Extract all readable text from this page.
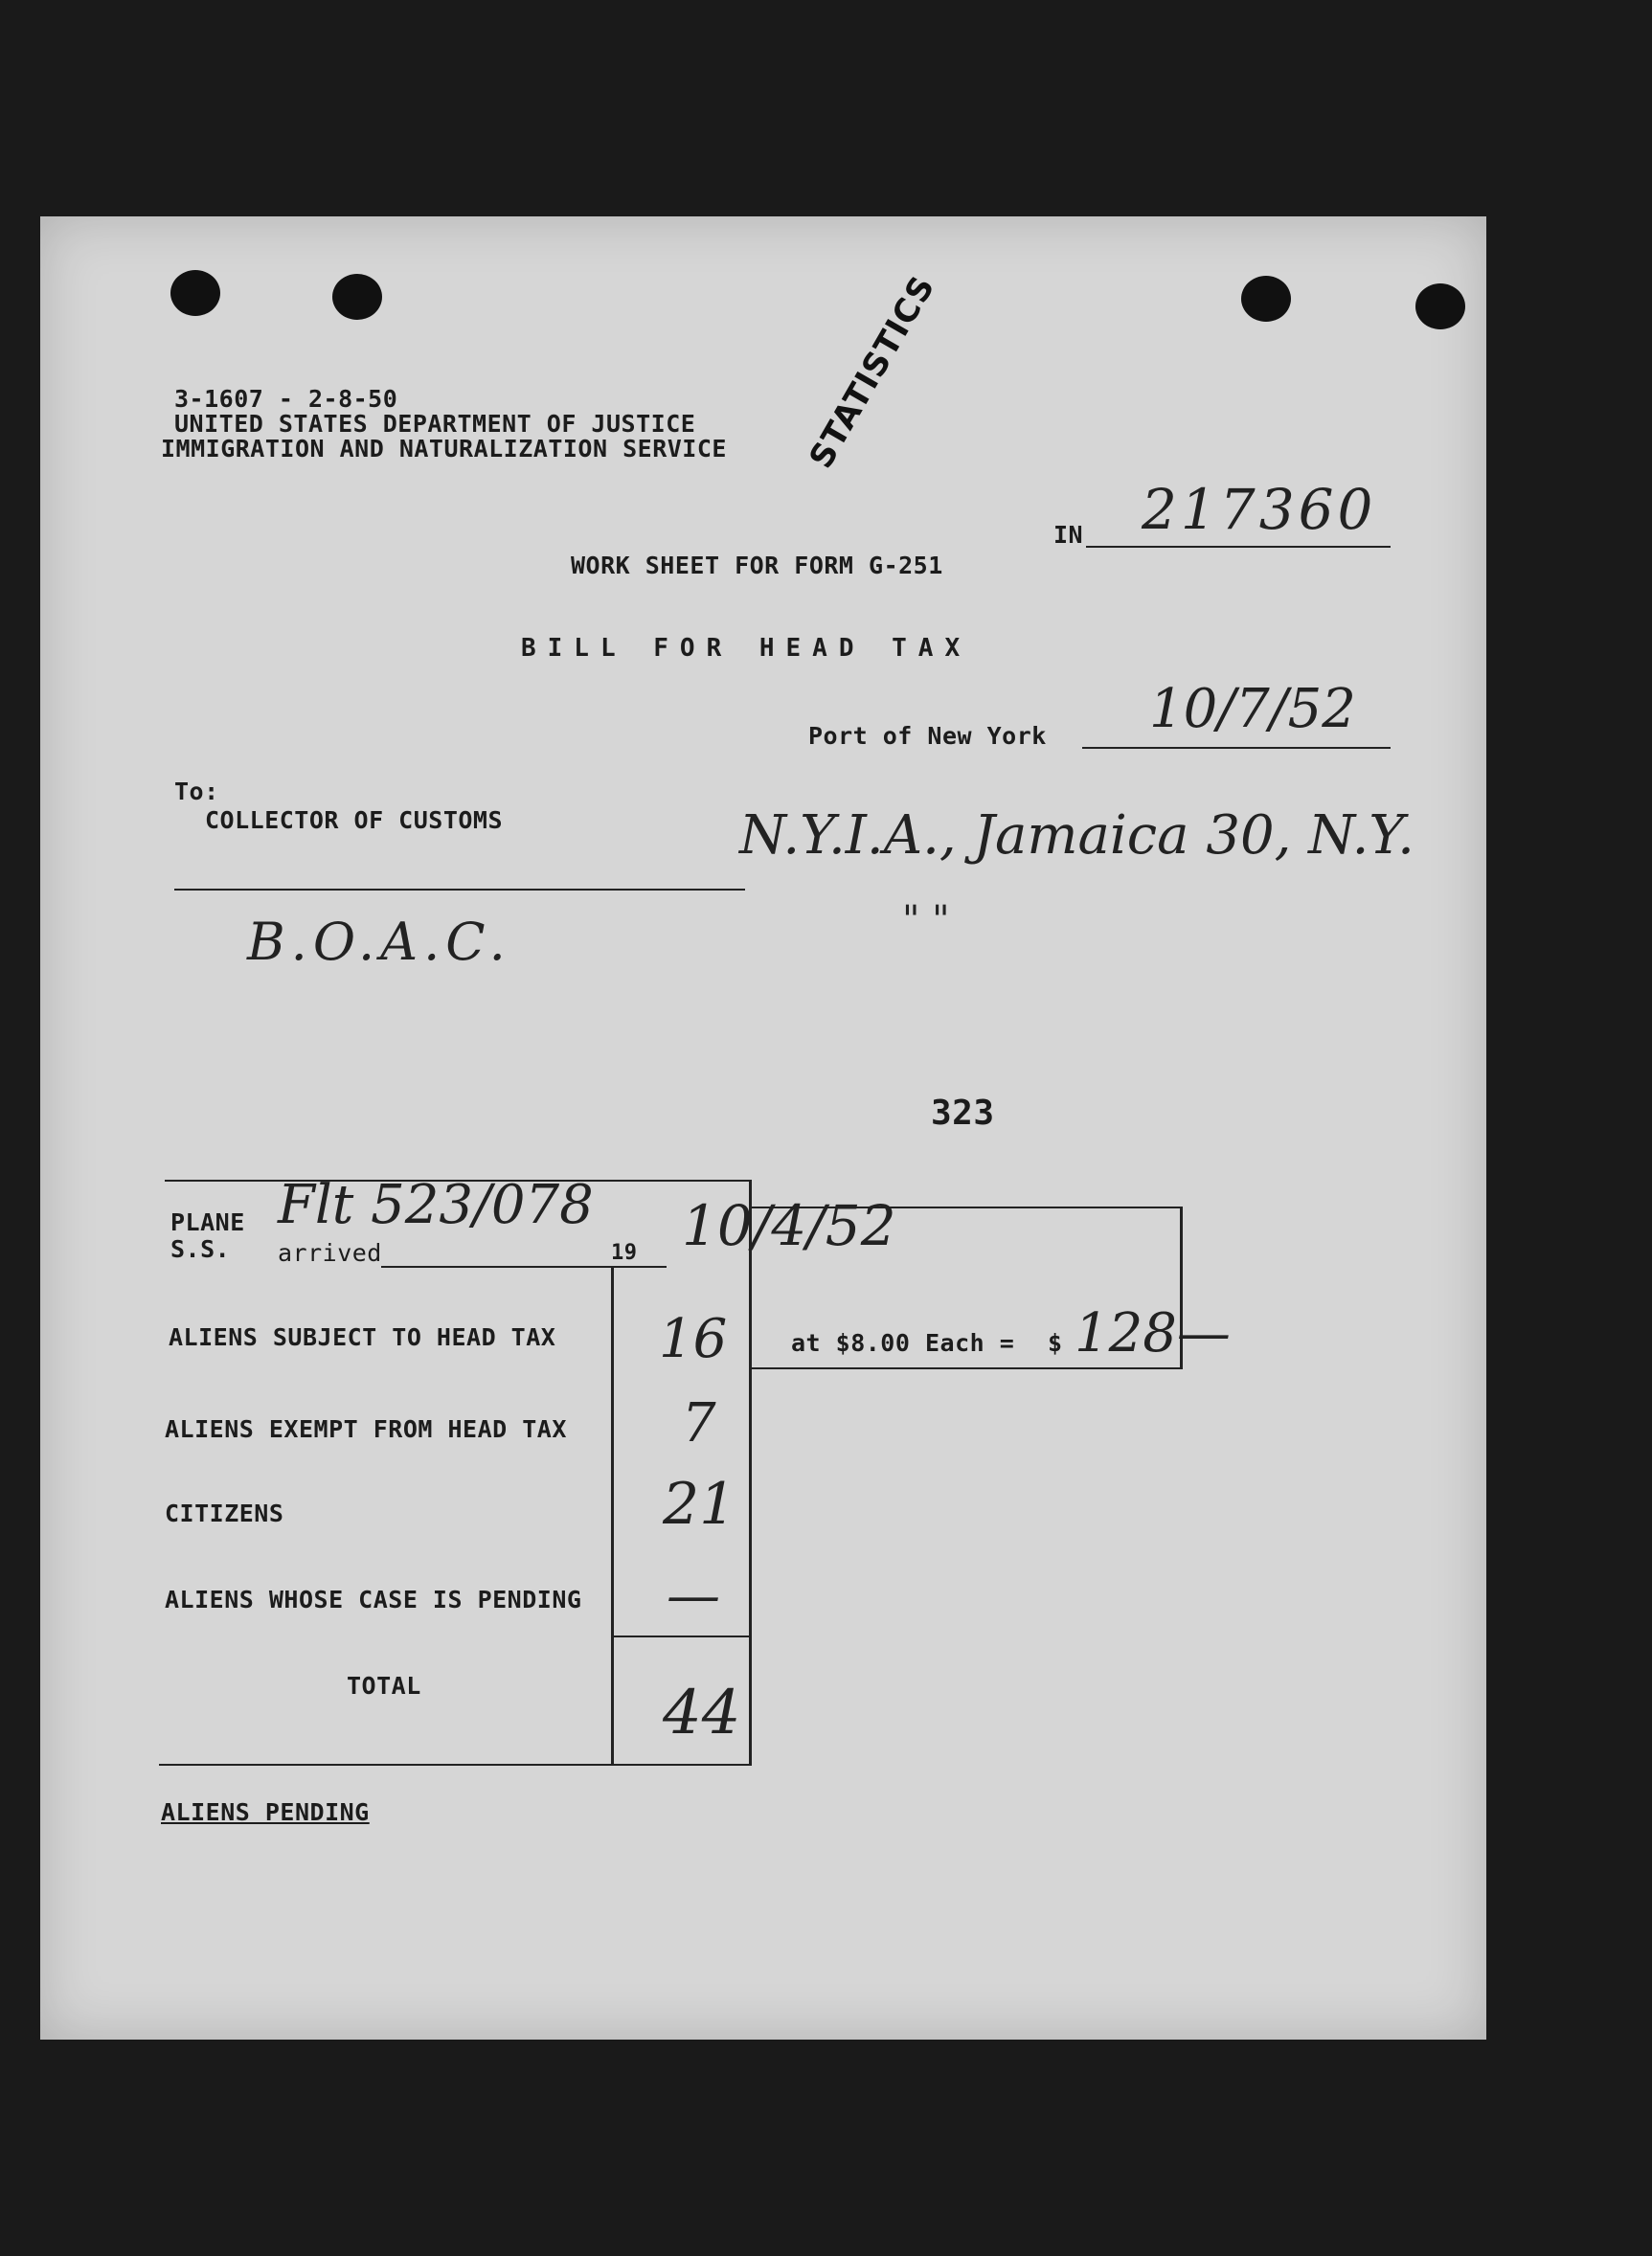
3-1607 - 2-8-50
UNITED STATES DEPARTMENT OF JUSTICE
IMMIGRATION AND NATURALIZATION SERVICE STATISTICS
IN 217360
WORK SHEET FOR FORM G-251
BILL FOR HEAD TAX
Port of New York 10/7/52
To:
COLLECTOR OF CUSTOMS	N.Y.I.A., Jamaica 30, N.Y.
" "
B.O.A.C.
323
PLANE
S.S. arrived	19
Flt 523/078 10/4/52
ALIENS SUBJECT TO HEAD TAX 16
ALIENS EXEMPT FROM HEAD TAX 7
CITIZENS	21
ALIENS WHOSE CASE IS PENDING —
TOTAL	44
at $8.00 Each = $ 128—
ALIENS PENDING
